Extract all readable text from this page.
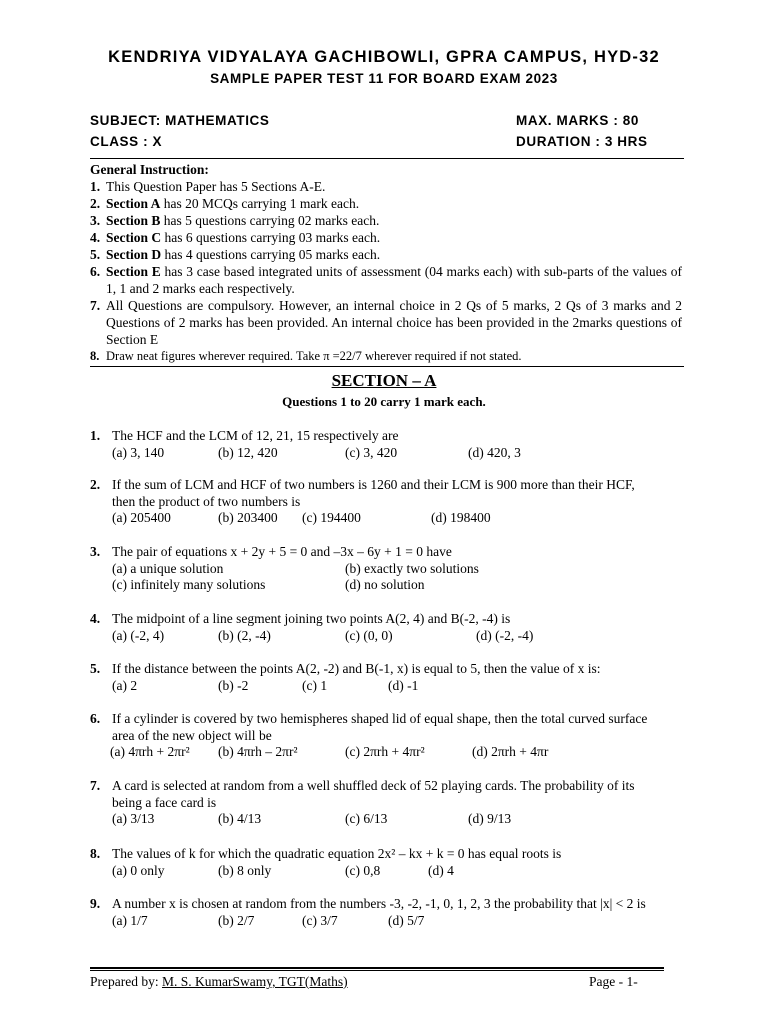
KENDRIYA VIDYALAYA GACHIBOWLI, GPRA CAMPUS, HYD-32
SAMPLE PAPER TEST 11 FOR BOARD EXAM 2023
SUBJECT: MATHEMATICS	MAX. MARKS : 80
CLASS : X	DURATION : 3 HRS
General Instruction:
1. This Question Paper has 5 Sections A-E.
2. Section A has 20 MCQs carrying 1 mark each.
3. Section B has 5 questions carrying 02 marks each.
4. Section C has 6 questions carrying 03 marks each.
5. Section D has 4 questions carrying 05 marks each.
6. Section E has 3 case based integrated units of assessment (04 marks each) with sub-parts of the values of 1, 1 and 2 marks each respectively.
7. All Questions are compulsory. However, an internal choice in 2 Qs of 5 marks, 2 Qs of 3 marks and 2 Questions of 2 marks has been provided. An internal choice has been provided in the 2marks questions of Section E
8. Draw neat figures wherever required. Take π =22/7 wherever required if not stated.
SECTION – A
Questions 1 to 20 carry 1 mark each.
1. The HCF and the LCM of 12, 21, 15 respectively are
(a) 3, 140	(b) 12, 420	(c) 3, 420	(d) 420, 3
2. If the sum of LCM and HCF of two numbers is 1260 and their LCM is 900 more than their HCF,
then the product of two numbers is
(a) 205400	(b) 203400 (c) 194400	(d) 198400
3. The pair of equations x + 2y + 5 = 0 and –3x – 6y + 1 = 0 have
(a) a unique solution	(b) exactly two solutions
(c) infinitely many solutions	(d) no solution
4. The midpoint of a line segment joining two points A(2, 4) and B(-2, -4) is
(a) (-2, 4)	(b) (2, -4)	(c) (0, 0)	(d) (-2, -4)
5. If the distance between the points A(2, -2) and B(-1, x) is equal to 5, then the value of x is:
(a) 2	(b) -2	(c) 1	(d) -1
6. If a cylinder is covered by two hemispheres shaped lid of equal shape, then the total curved surface
area of the new object will be
(a) 4πrh + 2πr² (b) 4πrh – 2πr²	(c) 2πrh + 4πr²	(d) 2πrh + 4πr
7. A card is selected at random from a well shuffled deck of 52 playing cards. The probability of its
being a face card is
(a) 3/13	(b) 4/13	(c) 6/13	(d) 9/13
8. The values of k for which the quadratic equation 2x² – kx + k = 0 has equal roots is
(a) 0 only	(b) 8 only	(c) 0,8	(d) 4
9. A number x is chosen at random from the numbers -3, -2, -1, 0, 1, 2, 3 the probability that |x| < 2 is
(a) 1/7	(b) 2/7	(c) 3/7	(d) 5/7
Prepared by: M. S. KumarSwamy, TGT(Maths)	Page - 1-
